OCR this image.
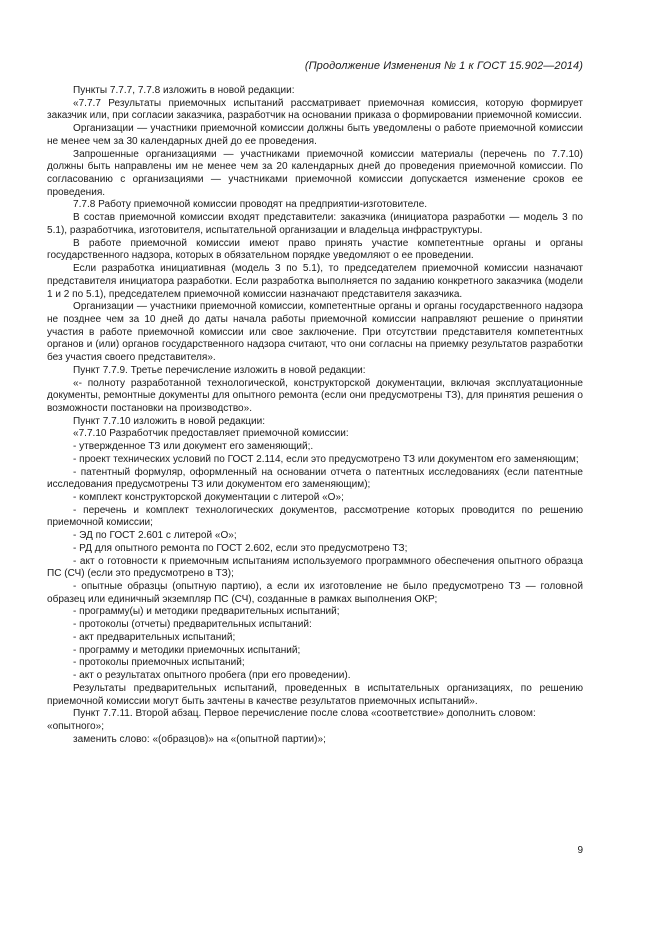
(Продолжение Изменения № 1 к ГОСТ 15.902—2014)

Пункты 7.7.7, 7.7.8 изложить в новой редакции:

«7.7.7 Результаты приемочных испытаний рассматривает приемочная комиссия, которую формирует заказчик или, при согласии заказчика, разработчик на основании приказа о формировании приемочной комиссии.

Организации — участники приемочной комиссии должны быть уведомлены о работе приемочной комиссии не менее чем за 30 календарных дней до ее проведения.

Запрошенные организациями — участниками приемочной комиссии материалы (перечень по 7.7.10) должны быть направлены им не менее чем за 20 календарных дней до проведения приемочной комиссии. По согласованию с организациями — участниками приемочной комиссии допускается изменение сроков ее проведения.

7.7.8 Работу приемочной комиссии проводят на предприятии-изготовителе.

В состав приемочной комиссии входят представители: заказчика (инициатора разработки — модель 3 по 5.1), разработчика, изготовителя, испытательной организации и владельца инфраструктуры.

В работе приемочной комиссии имеют право принять участие компетентные органы и органы государственного надзора, которых в обязательном порядке уведомляют о ее проведении.

Если разработка инициативная (модель 3 по 5.1), то председателем приемочной комиссии назначают представителя инициатора разработки. Если разработка выполняется по заданию конкретного заказчика (модели 1 и 2 по 5.1), председателем приемочной комиссии назначают представителя заказчика.

Организации — участники приемочной комиссии, компетентные органы и органы государственного надзора не позднее чем за 10 дней до даты начала работы приемочной комиссии направляют решение о принятии участия в работе приемочной комиссии или свое заключение. При отсутствии представителя компетентных органов и (или) органов государственного надзора считают, что они согласны на приемку результатов разработки без участия своего представителя».

Пункт 7.7.9. Третье перечисление изложить в новой редакции:

«- полноту разработанной технологической, конструкторской документации, включая эксплуатационные документы, ремонтные документы для опытного ремонта (если они предусмотрены ТЗ), для принятия решения о возможности постановки на производство».

Пункт 7.7.10 изложить в новой редакции:

«7.7.10 Разработчик предоставляет приемочной комиссии:

- утвержденное ТЗ или документ его заменяющий;.

- проект технических условий по ГОСТ 2.114, если это предусмотрено ТЗ или документом его заменяющим;

- патентный формуляр, оформленный на основании отчета о патентных исследованиях (если патентные исследования предусмотрены ТЗ или документом его заменяющим);

- комплект конструкторской документации с литерой «О»;

- перечень и комплект технологических документов, рассмотрение которых проводится по решению приемочной комиссии;

- ЭД по ГОСТ 2.601 с литерой «О»;

- РД для опытного ремонта по ГОСТ 2.602, если это предусмотрено ТЗ;

- акт о готовности к приемочным испытаниям используемого программного обеспечения опытного образца ПС (СЧ) (если это предусмотрено в ТЗ);

- опытные образцы (опытную партию), а если их изготовление не было предусмотрено ТЗ — головной образец или единичный экземпляр ПС (СЧ), созданные в рамках выполнения ОКР;

- программу(ы) и методики предварительных испытаний;

- протоколы (отчеты) предварительных испытаний:

- акт предварительных испытаний;

- программу и методики приемочных испытаний;

- протоколы приемочных испытаний;

- акт о результатах опытного пробега (при его проведении).

Результаты предварительных испытаний, проведенных в испытательных организациях, по решению приемочной комиссии могут быть зачтены в качестве результатов приемочных испытаний».

Пункт 7.7.11. Второй абзац. Первое перечисление после слова «соответствие» дополнить словом:

«опытного»;

заменить слово: «(образцов)» на «(опытной партии)»;

9
